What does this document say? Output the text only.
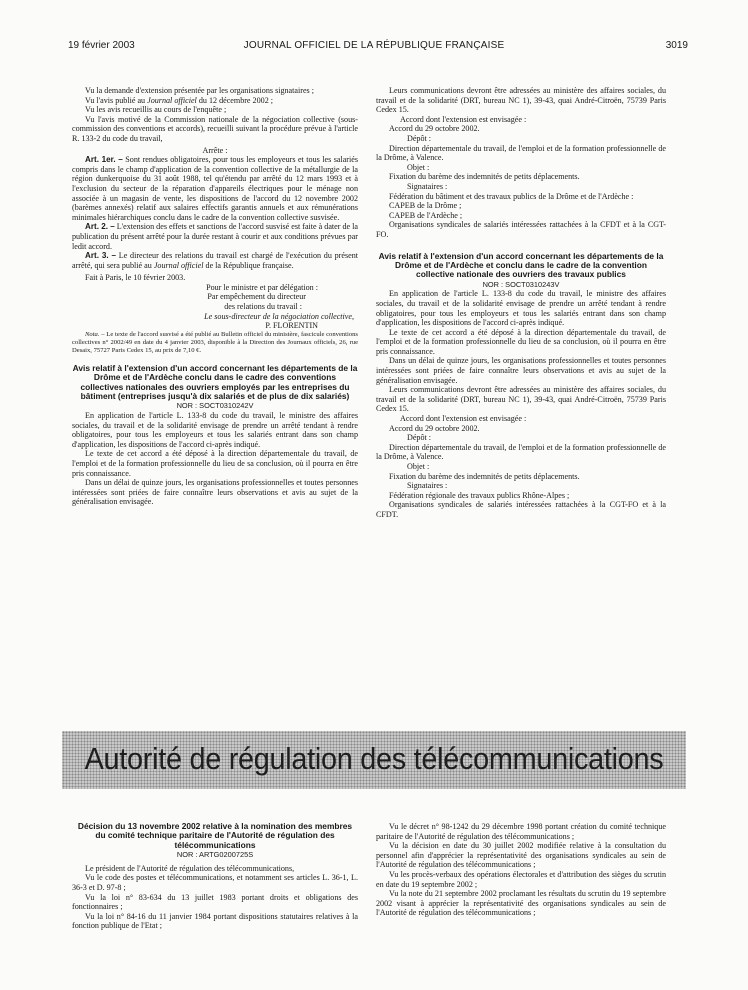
19 février 2003	JOURNAL OFFICIEL DE LA RÉPUBLIQUE FRANÇAISE	3019

Vu la demande d'extension présentée par les organisations signataires ;

Vu l'avis publié au Journal officiel du 12 décembre 2002 ;

Vu les avis recueillis au cours de l'enquête ;

Vu l'avis motivé de la Commission nationale de la négociation collective (sous-commission des conventions et accords), recueilli suivant la procédure prévue à l'article R. 133-2 du code du travail,

Arrête :

Art. 1er. – Sont rendues obligatoires, pour tous les employeurs et tous les salariés compris dans le champ d'application de la convention collective de la métallurgie de la région dunkerquoise du 31 août 1988, tel qu'étendu par arrêté du 12 mars 1993 et à l'exclusion du secteur de la réparation d'appareils électriques pour le ménage non associée à un magasin de vente, les dispositions de l'accord du 12 novembre 2002 (barèmes annexés) relatif aux salaires effectifs garantis annuels et aux rémunérations minimales hiérarchiques conclu dans le cadre de la convention collective susvisée.

Art. 2. – L'extension des effets et sanctions de l'accord susvisé est faite à dater de la publication du présent arrêté pour la durée restant à courir et aux conditions prévues par ledit accord.

Art. 3. – Le directeur des relations du travail est chargé de l'exécution du présent arrêté, qui sera publié au Journal officiel de la République française.

Fait à Paris, le 10 février 2003.

Pour le ministre et par délégation :

Par empêchement du directeur

des relations du travail :

Le sous-directeur de la négociation collective,

P. FLORENTIN

Nota. – Le texte de l'accord susvisé a été publié au Bulletin officiel du ministère, fascicule conventions collectives n° 2002/49 en date du 4 janvier 2003, disponible à la Direction des Journaux officiels, 26, rue Desaix, 75727 Paris Cedex 15, au prix de 7,10 €.

Avis relatif à l'extension d'un accord concernant les départements de la Drôme et de l'Ardèche conclu dans le cadre des conventions collectives nationales des ouvriers employés par les entreprises du bâtiment (entreprises jusqu'à dix salariés et de plus de dix salariés)

NOR : SOCT0310242V

En application de l'article L. 133-8 du code du travail, le ministre des affaires sociales, du travail et de la solidarité envisage de prendre un arrêté tendant à rendre obligatoires, pour tous les employeurs et tous les salariés entrant dans son champ d'application, les dispositions de l'accord ci-après indiqué.

Le texte de cet accord a été déposé à la direction départementale du travail, de l'emploi et de la formation professionnelle du lieu de sa conclusion, où il pourra en être pris connaissance.

Dans un délai de quinze jours, les organisations professionnelles et toutes personnes intéressées sont priées de faire connaître leurs observations et avis au sujet de la généralisation envisagée.

Leurs communications devront être adressées au ministère des affaires sociales, du travail et de la solidarité (DRT, bureau NC 1), 39-43, quai André-Citroën, 75739 Paris Cedex 15.

Accord dont l'extension est envisagée :

Accord du 29 octobre 2002.

Dépôt :

Direction départementale du travail, de l'emploi et de la formation professionnelle de la Drôme, à Valence.

Objet :

Fixation du barème des indemnités de petits déplacements.

Signataires :

Fédération du bâtiment et des travaux publics de la Drôme et de l'Ardèche :

CAPEB de la Drôme ;

CAPEB de l'Ardèche ;

Organisations syndicales de salariés intéressées rattachées à la CFDT et à la CGT-FO.

Avis relatif à l'extension d'un accord concernant les départements de la Drôme et de l'Ardèche et conclu dans le cadre de la convention collective nationale des ouvriers des travaux publics

NOR : SOCT0310243V

En application de l'article L. 133-8 du code du travail, le ministre des affaires sociales, du travail et de la solidarité envisage de prendre un arrêté tendant à rendre obligatoires, pour tous les employeurs et tous les salariés entrant dans son champ d'application, les dispositions de l'accord ci-après indiqué.

Le texte de cet accord a été déposé à la direction départementale du travail, de l'emploi et de la formation professionnelle du lieu de sa conclusion, où il pourra en être pris connaissance.

Dans un délai de quinze jours, les organisations professionnelles et toutes personnes intéressées sont priées de faire connaître leurs observations et avis au sujet de la généralisation envisagée.

Leurs communications devront être adressées au ministère des affaires sociales, du travail et de la solidarité (DRT, bureau NC 1), 39-43, quai André-Citroën, 75739 Paris Cedex 15.

Accord dont l'extension est envisagée :

Accord du 29 octobre 2002.

Dépôt :

Direction départementale du travail, de l'emploi et de la formation professionnelle de la Drôme, à Valence.

Objet :

Fixation du barème des indemnités de petits déplacements.

Signataires :

Fédération régionale des travaux publics Rhône-Alpes ;

Organisations syndicales de salariés intéressées rattachées à la CGT-FO et à la CFDT.

Autorité de régulation des télécommunications

Décision du 13 novembre 2002 relative à la nomination des membres du comité technique paritaire de l'Autorité de régulation des télécommunications

NOR : ARTG0200725S

Le président de l'Autorité de régulation des télécommunications,

Vu le code des postes et télécommunications, et notamment ses articles L. 36-1, L. 36-3 et D. 97-8 ;

Vu la loi n° 83-634 du 13 juillet 1983 portant droits et obligations des fonctionnaires ;

Vu la loi n° 84-16 du 11 janvier 1984 portant dispositions statutaires relatives à la fonction publique de l'Etat ;

Vu le décret n° 98-1242 du 29 décembre 1998 portant création du comité technique paritaire de l'Autorité de régulation des télécommunications ;

Vu la décision en date du 30 juillet 2002 modifiée relative à la consultation du personnel afin d'apprécier la représentativité des organisations syndicales au sein de l'Autorité de régulation des télécommunications ;

Vu les procès-verbaux des opérations électorales et d'attribution des sièges du scrutin en date du 19 septembre 2002 ;

Vu la note du 21 septembre 2002 proclamant les résultats du scrutin du 19 septembre 2002 visant à apprécier la représentativité des organisations syndicales au sein de l'Autorité de régulation des télécommunications ;
